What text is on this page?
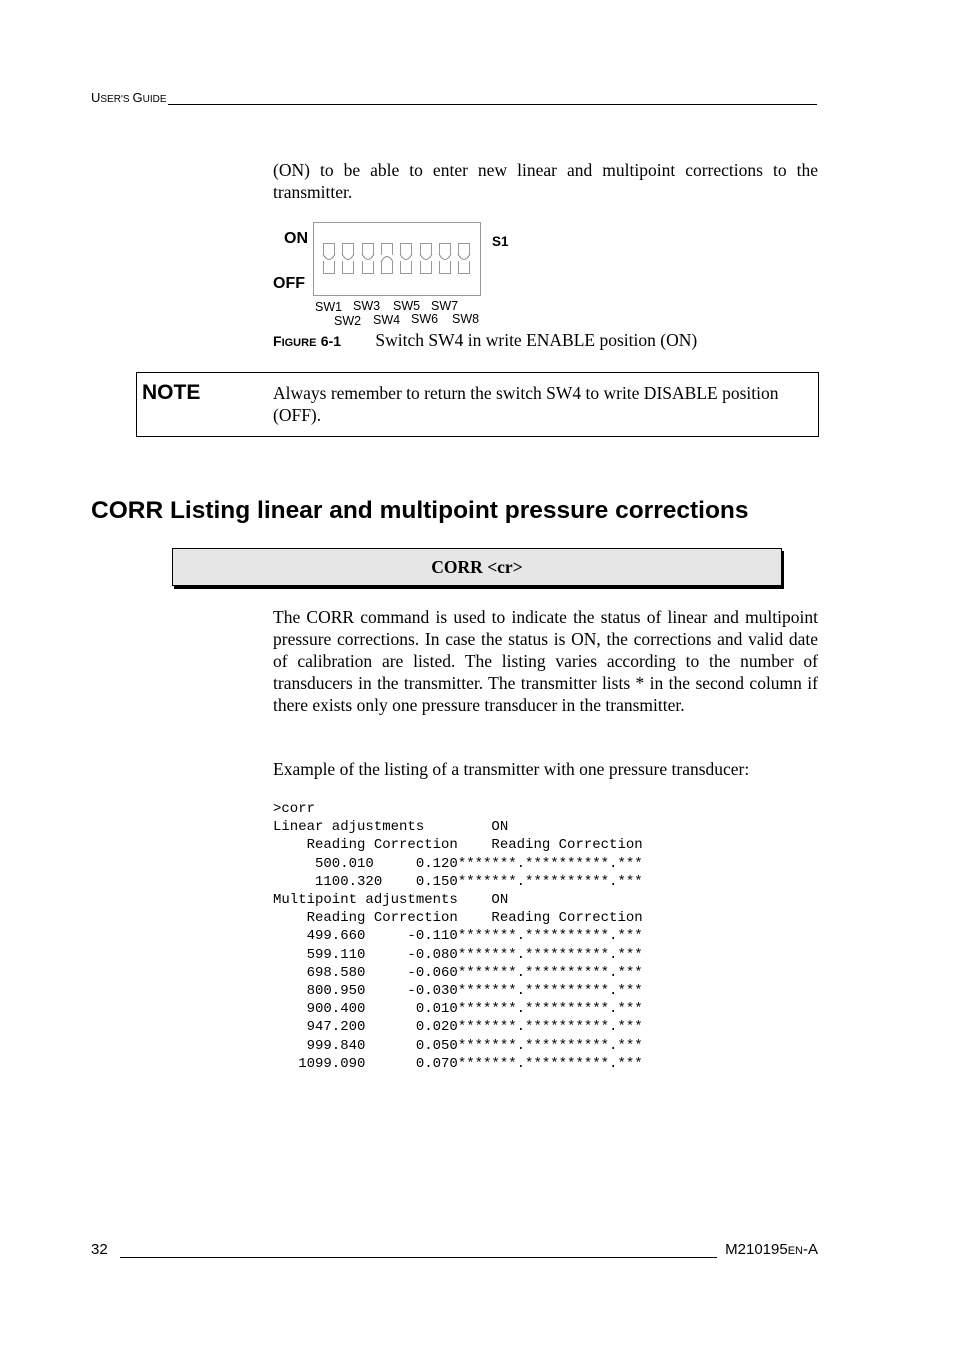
U SER'S G UIDE
(ON) to be able to enter new linear and multipoint corrections to the transmitter.
ON
OFF
S1
SW1
SW2
SW3
SW4
SW5
SW6
SW7
SW8
FIGURE 6-1 Switch SW4 in write ENABLE position (ON)
NOTE	Always remember to return the switch SW4 to write DISABLE position (OFF).
CORR Listing linear and multipoint pressure corrections
CORR <cr>
The CORR command is used to indicate the status of linear and multipoint pressure corrections. In case the status is ON, the corrections and valid date of calibration are listed. The listing varies according to the number of transducers in the transmitter. The transmitter lists * in the second column if there exists only one pressure transducer in the transmitter.
Example of the listing of a transmitter with one pressure transducer:
>corr
Linear adjustments        ON
Reading Correction    Reading Correction
500.010     0.120*******.**********.***
1100.320    0.150*******.**********.***
Multipoint adjustments    ON
Reading Correction    Reading Correction
499.660     -0.110*******.**********.***
599.110     -0.080*******.**********.***
698.580     -0.060*******.**********.***
800.950     -0.030*******.**********.***
900.400      0.010*******.**********.***
947.200      0.020*******.**********.***
999.840      0.050*******.**********.***
1099.090      0.070*******.**********.***
32	M210195EN-A
